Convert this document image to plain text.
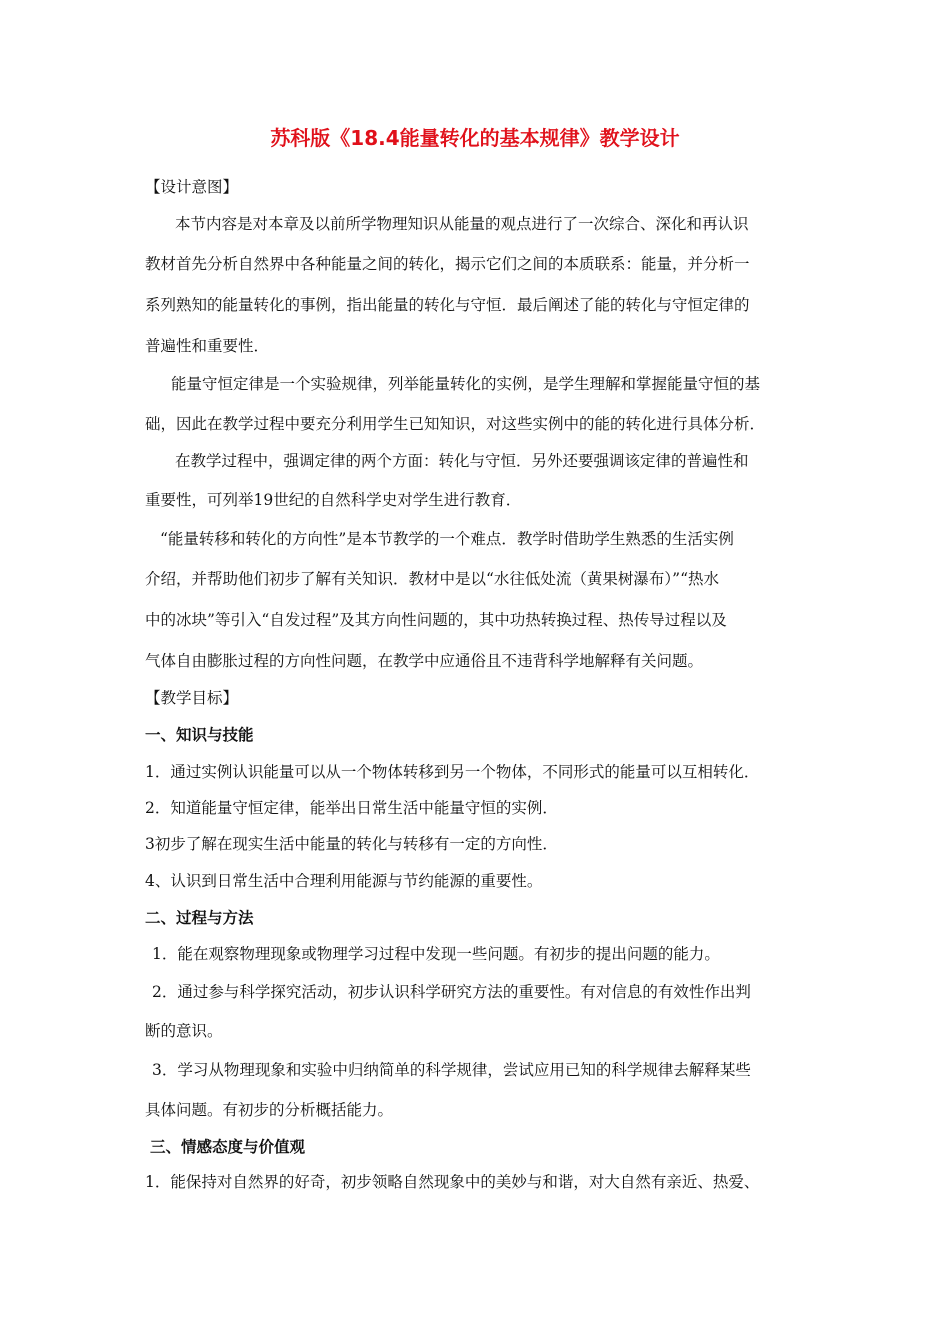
苏科版《18.4能量转化的基本规律》教学设计
【设计意图】
本节内容是对本章及以前所学物理知识从能量的观点进行了一次综合、深化和再认识
教材首先分析自然界中各种能量之间的转化，揭示它们之间的本质联系：能量，并分析一
系列熟知的能量转化的事例，指出能量的转化与守恒．最后阐述了能的转化与守恒定律的
普遍性和重要性．
能量守恒定律是一个实验规律，列举能量转化的实例，是学生理解和掌握能量守恒的基
础，因此在教学过程中要充分利用学生已知知识，对这些实例中的能的转化进行具体分析．
在教学过程中，强调定律的两个方面：转化与守恒．另外还要强调该定律的普遍性和
重要性，可列举19世纪的自然科学史对学生进行教育．
“能量转移和转化的方向性”是本节教学的一个难点．教学时借助学生熟悉的生活实例
介绍，并帮助他们初步了解有关知识．教材中是以“水往低处流（黄果树瀑布）”“热水
中的冰块”等引入“自发过程”及其方向性问题的，其中功热转换过程、热传导过程以及
气体自由膨胀过程的方向性问题，在教学中应通俗且不违背科学地解释有关问题。
【教学目标】
一、知识与技能
1．通过实例认识能量可以从一个物体转移到另一个物体，不同形式的能量可以互相转化．
2．知道能量守恒定律，能举出日常生活中能量守恒的实例．
3初步了解在现实生活中能量的转化与转移有一定的方向性．
4、认识到日常生活中合理利用能源与节约能源的重要性。
二、过程与方法
1．能在观察物理现象或物理学习过程中发现一些问题。有初步的提出问题的能力。
2．通过参与科学探究活动，初步认识科学研究方法的重要性。有对信息的有效性作出判
断的意识。
3．学习从物理现象和实验中归纳简单的科学规律，尝试应用已知的科学规律去解释某些
具体问题。有初步的分析概括能力。
三、情感态度与价值观
1．能保持对自然界的好奇，初步领略自然现象中的美妙与和谐，对大自然有亲近、热爱、
